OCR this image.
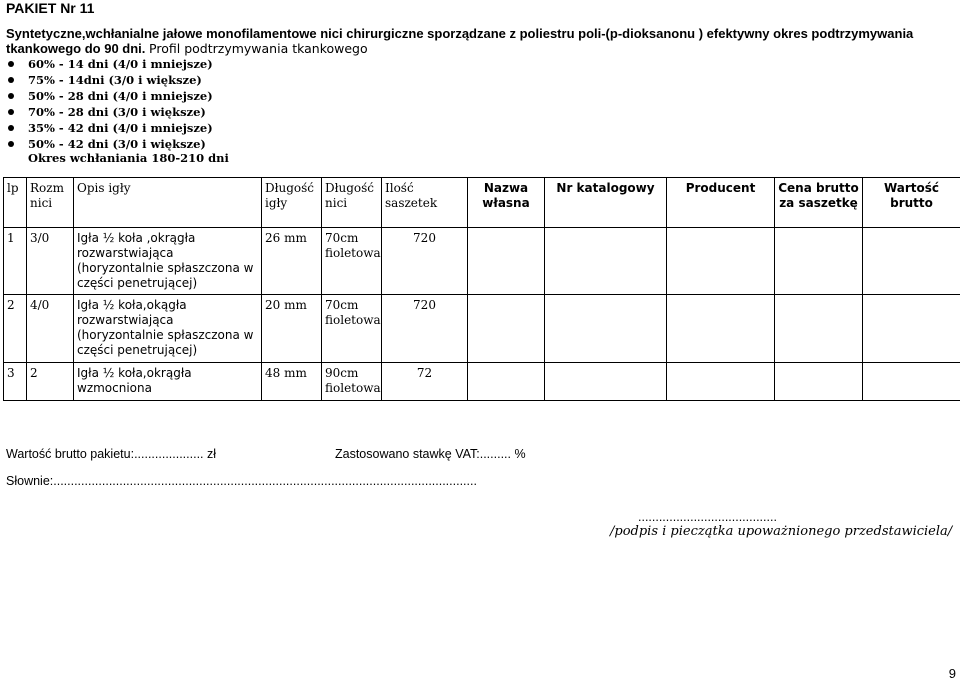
PAKIET Nr 11
Syntetyczne,wchłanialne jałowe monofilamentowe nici chirurgiczne sporządzane z poliestru poli-(p-dioksanonu ) efektywny okres podtrzymywania tkankowego do 90 dni. Profil podtrzymywania tkankowego
60% - 14 dni (4/0 i mniejsze)
75% - 14dni (3/0 i większe)
50% - 28 dni (4/0 i mniejsze)
70% - 28 dni (3/0 i większe)
35% - 42 dni (4/0 i mniejsze)
50% - 42 dni (3/0 i większe)
Okres wchłaniania 180-210 dni
lp	Rozm nici	Opis igły	Długość igły	Długość nici	Ilość saszetek	Nazwa własna	Nr katalogowy	Producent	Cena brutto za saszetkę	Wartość brutto
1	3/0	Igła ½ koła ,okrągła rozwarstwiająca (horyzontalnie spłaszczona w części penetrującej)	26 mm	70cm fioletowa	720					
2	4/0	Igła ½ koła,okągła rozwarstwiająca (horyzontalnie spłaszczona w części penetrującej)	20 mm	70cm fioletowa	720					
3	2	Igła ½ koła,okrągła wzmocniona	48 mm	90cm fioletowa	72					
Wartość brutto pakietu:.................... zł	Zastosowano stawkę VAT:......... %
Słownie:..........................................................................................................................
........................................
/podpis i pieczątka upoważnionego przedstawiciela/
9
